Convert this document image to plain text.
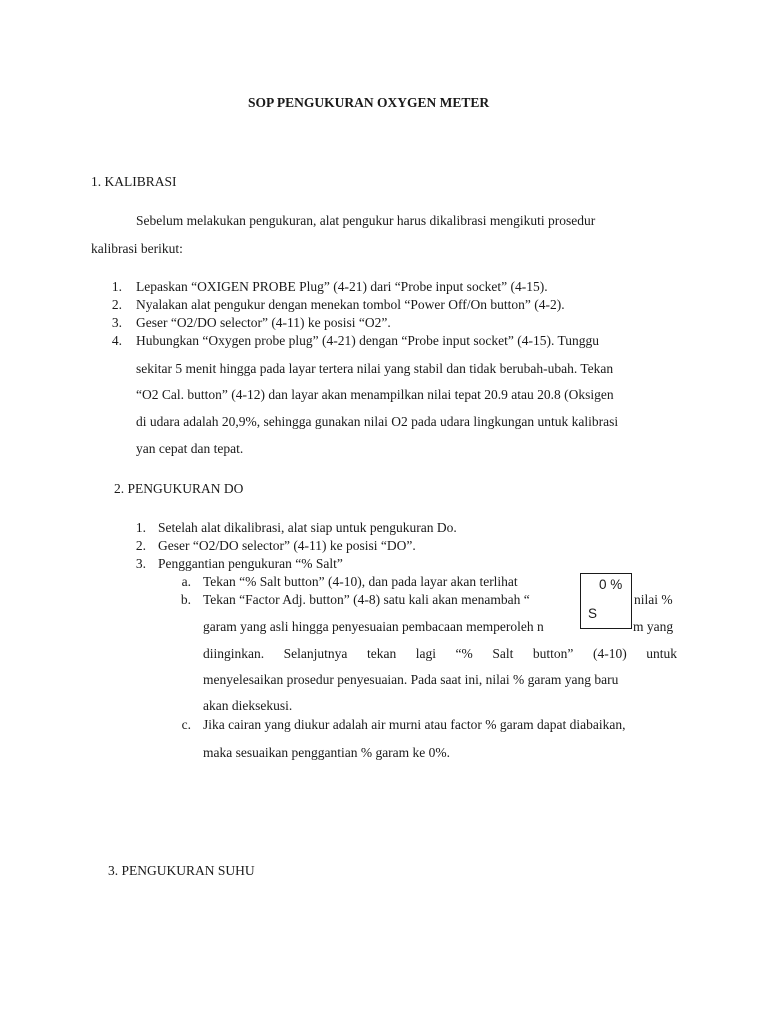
SOP PENGUKURAN OXYGEN METER
1. KALIBRASI
Sebelum melakukan pengukuran, alat pengukur harus dikalibrasi mengikuti prosedur
kalibrasi berikut:
1. Lepaskan “OXIGEN PROBE Plug” (4-21) dari “Probe input socket” (4-15).
2. Nyalakan alat pengukur dengan menekan tombol “Power Off/On button” (4-2).
3. Geser “O2/DO selector” (4-11) ke posisi “O2”.
4. Hubungkan “Oxygen probe plug” (4-21) dengan “Probe input socket” (4-15). Tunggu
sekitar 5 menit hingga pada layar tertera nilai yang stabil dan tidak berubah-ubah. Tekan
“O2 Cal. button” (4-12) dan layar akan menampilkan nilai tepat 20.9 atau 20.8 (Oksigen
di udara adalah 20,9%, sehingga gunakan nilai O2 pada udara lingkungan untuk kalibrasi
yan cepat dan tepat.
2. PENGUKURAN DO
1. Setelah alat dikalibrasi, alat siap untuk pengukuran Do.
2. Geser “O2/DO selector” (4-11) ke posisi “DO”.
3. Penggantian pengukuran “% Salt”
a. Tekan “% Salt button” (4-10), dan pada layar akan terlihat
b. Tekan “Factor Adj. button” (4-8) satu kali akan menambah “	nilai %
garam yang asli hingga penyesuaian pembacaan memperoleh n	m yang
diinginkan. Selanjutnya tekan lagi “% Salt button” (4-10) untuk
menyelesaikan prosedur penyesuaian. Pada saat ini, nilai % garam yang baru
akan dieksekusi.
c. Jika cairan yang diukur adalah air murni atau factor % garam dapat diabaikan,
maka sesuaikan penggantian % garam ke 0%.
0 %
S
3. PENGUKURAN SUHU
